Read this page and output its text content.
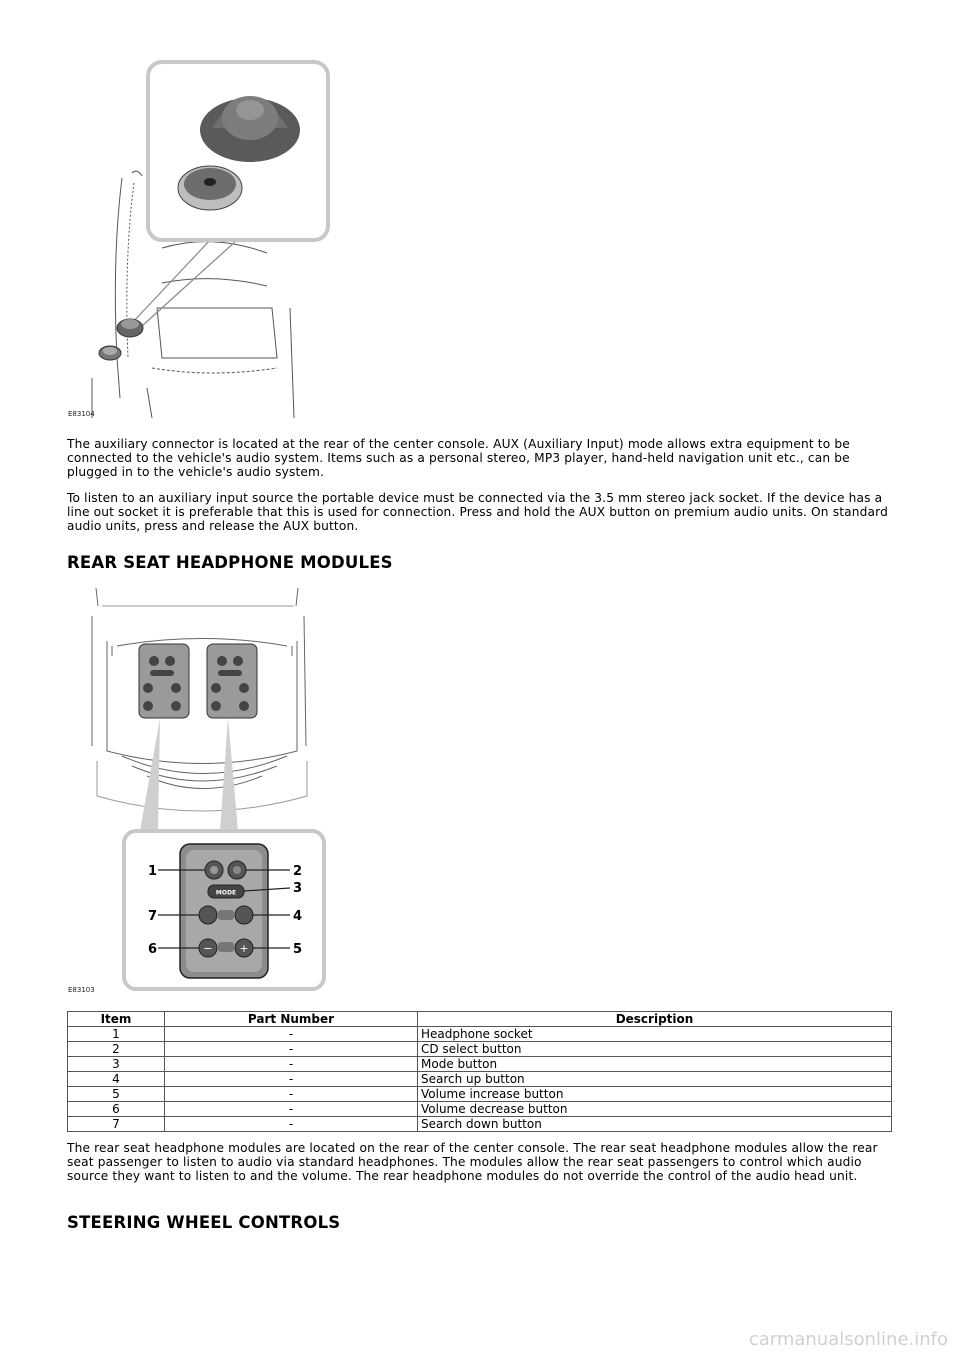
E83104

The auxiliary connector is located at the rear of the center console. AUX (Auxiliary Input) mode allows extra equipment to be connected to the vehicle's audio system. Items such as a personal stereo, MP3 player, hand-held navigation unit etc., can be plugged in to the vehicle's audio system.

To listen to an auxiliary input source the portable device must be connected via the 3.5 mm stereo jack socket. If the device has a line out socket it is preferable that this is used for connection. Press and hold the AUX button on premium audio units. On standard audio units, press and release the AUX button.

REAR SEAT HEADPHONE MODULES
MODE
− +
1	2
3
4
5
6
7
E83103
Item	Part Number	Description
1	-	Headphone socket
2	-	CD select button
3	-	Mode button
4	-	Search up button
5	-	Volume increase button
6	-	Volume decrease button
7	-	Search down button

The rear seat headphone modules are located on the rear of the center console. The rear seat headphone modules allow the rear seat passenger to listen to audio via standard headphones. The modules allow the rear seat passengers to control which audio source they want to listen to and the volume. The rear headphone modules do not override the control of the audio head unit.

STEERING WHEEL CONTROLS
carmanualsonline.info
